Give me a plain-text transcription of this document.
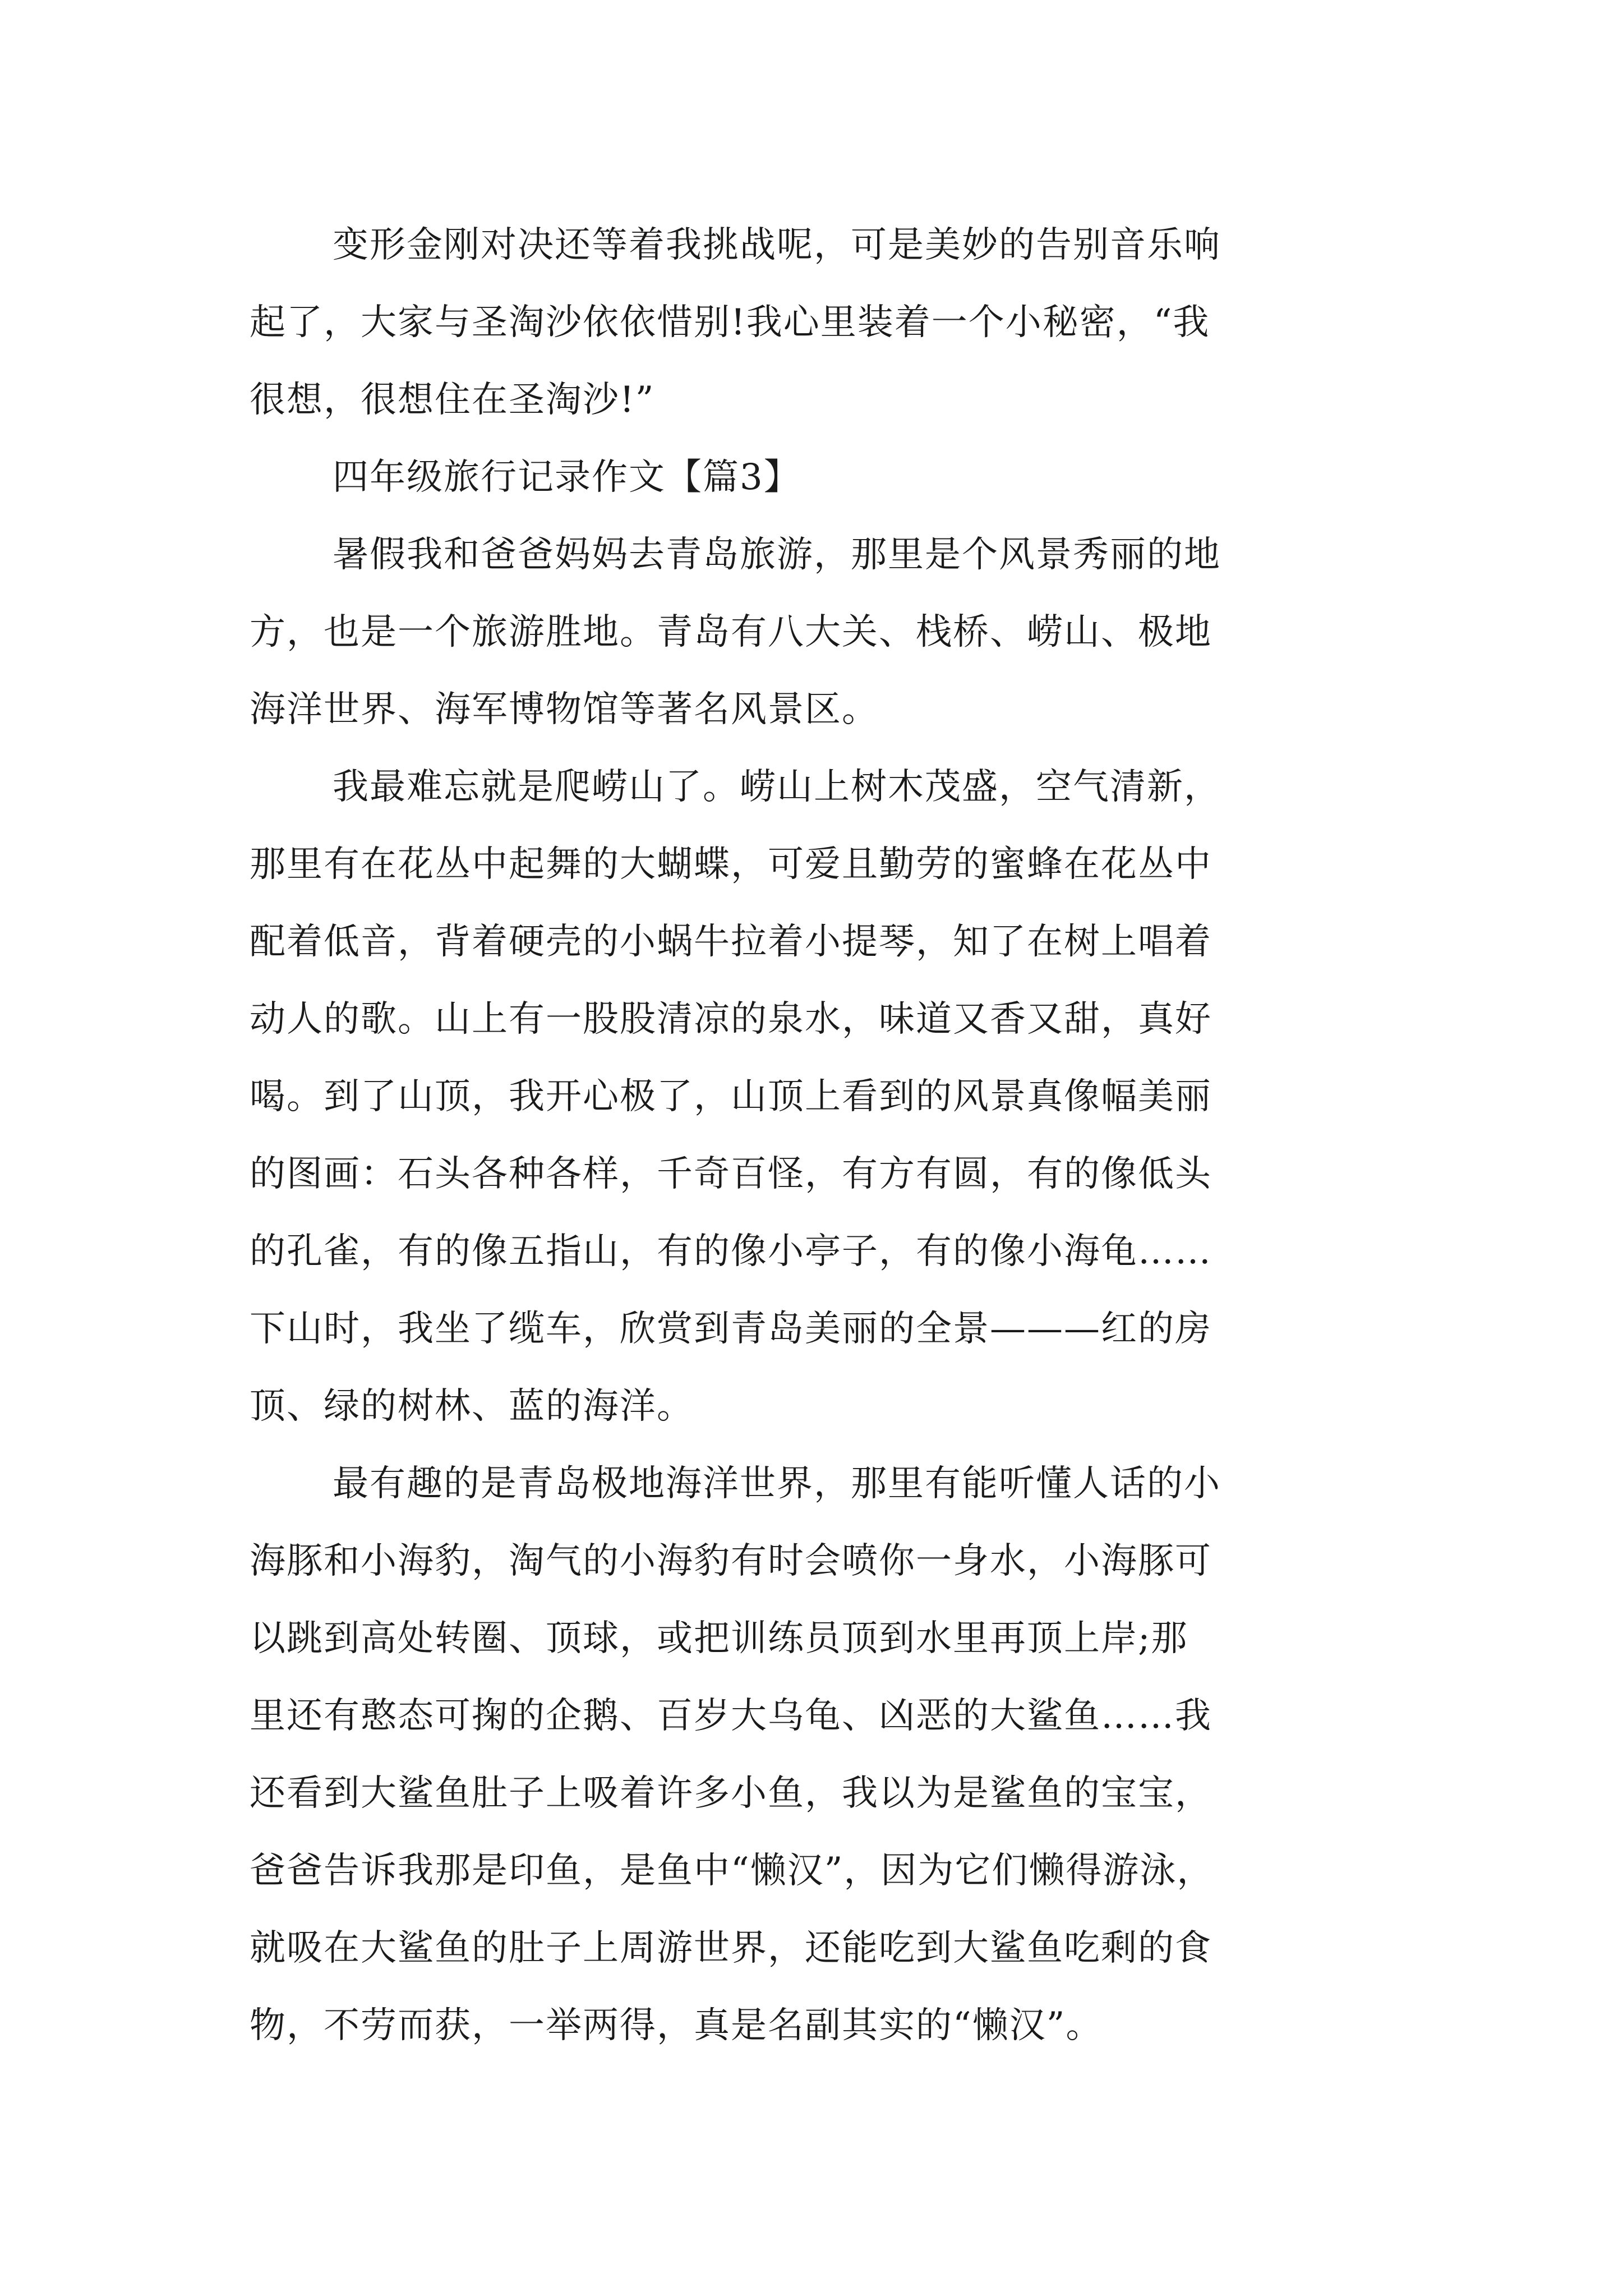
变形金刚对决还等着我挑战呢，可是美妙的告别音乐响
起了，大家与圣淘沙依依惜别!我心里装着一个小秘密，“我
很想，很想住在圣淘沙!”
四年级旅行记录作文【篇3】
暑假我和爸爸妈妈去青岛旅游，那里是个风景秀丽的地
方，也是一个旅游胜地。青岛有八大关、栈桥、崂山、极地
海洋世界、海军博物馆等著名风景区。
我最难忘就是爬崂山了。崂山上树木茂盛，空气清新，
那里有在花丛中起舞的大蝴蝶，可爱且勤劳的蜜蜂在花丛中
配着低音，背着硬壳的小蜗牛拉着小提琴，知了在树上唱着
动人的歌。山上有一股股清凉的泉水，味道又香又甜，真好
喝。到了山顶，我开心极了，山顶上看到的风景真像幅美丽
的图画：石头各种各样，千奇百怪，有方有圆，有的像低头
的孔雀，有的像五指山，有的像小亭子，有的像小海龟……
下山时，我坐了缆车，欣赏到青岛美丽的全景———红的房
顶、绿的树林、蓝的海洋。
最有趣的是青岛极地海洋世界，那里有能听懂人话的小
海豚和小海豹，淘气的小海豹有时会喷你一身水，小海豚可
以跳到高处转圈、顶球，或把训练员顶到水里再顶上岸;那
里还有憨态可掬的企鹅、百岁大乌龟、凶恶的大鲨鱼……我
还看到大鲨鱼肚子上吸着许多小鱼，我以为是鲨鱼的宝宝，
爸爸告诉我那是印鱼，是鱼中“懒汉”，因为它们懒得游泳，
就吸在大鲨鱼的肚子上周游世界，还能吃到大鲨鱼吃剩的食
物，不劳而获，一举两得，真是名副其实的“懒汉”。
